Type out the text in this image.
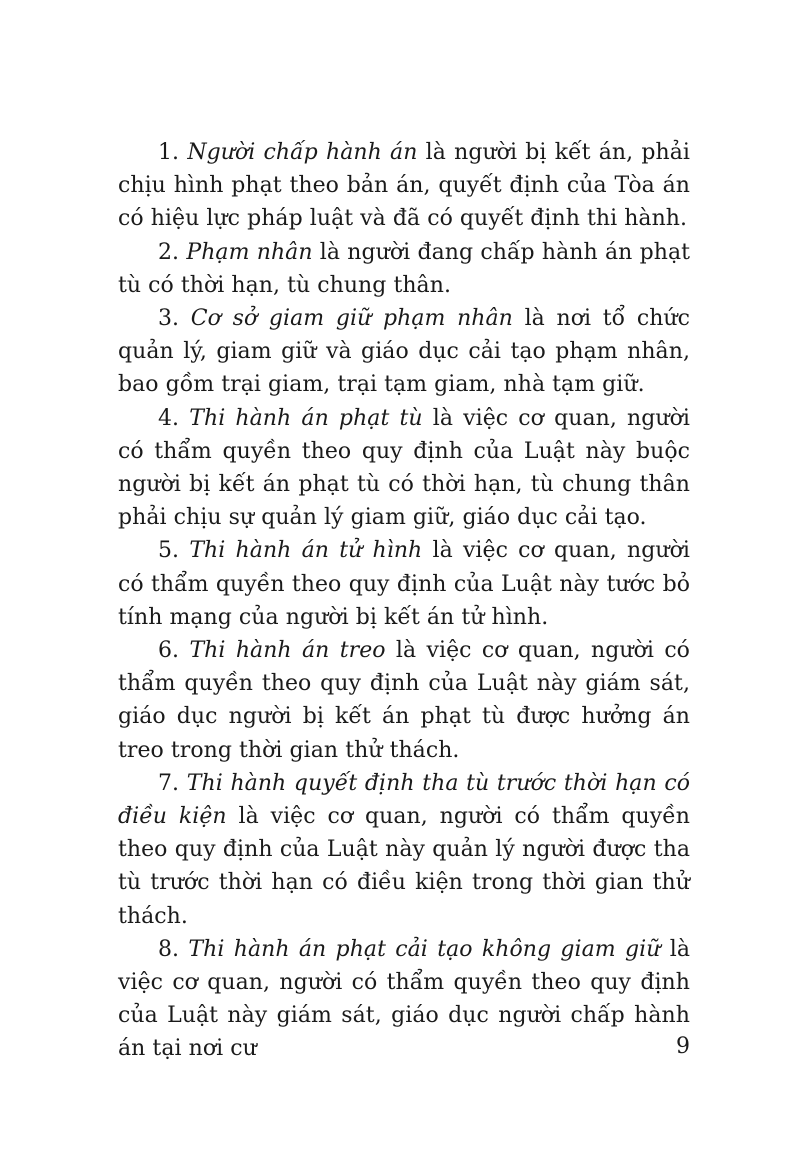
1. Người chấp hành án là người bị kết án, phải chịu hình phạt theo bản án, quyết định của Tòa án có hiệu lực pháp luật và đã có quyết định thi hành.

2. Phạm nhân là người đang chấp hành án phạt tù có thời hạn, tù chung thân.

3. Cơ sở giam giữ phạm nhân là nơi tổ chức quản lý, giam giữ và giáo dục cải tạo phạm nhân, bao gồm trại giam, trại tạm giam, nhà tạm giữ.

4. Thi hành án phạt tù là việc cơ quan, người có thẩm quyền theo quy định của Luật này buộc người bị kết án phạt tù có thời hạn, tù chung thân phải chịu sự quản lý giam giữ, giáo dục cải tạo.

5. Thi hành án tử hình là việc cơ quan, người có thẩm quyền theo quy định của Luật này tước bỏ tính mạng của người bị kết án tử hình.

6. Thi hành án treo là việc cơ quan, người có thẩm quyền theo quy định của Luật này giám sát, giáo dục người bị kết án phạt tù được hưởng án treo trong thời gian thử thách.

7. Thi hành quyết định tha tù trước thời hạn có điều kiện là việc cơ quan, người có thẩm quyền theo quy định của Luật này quản lý người được tha tù trước thời hạn có điều kiện trong thời gian thử thách.

8. Thi hành án phạt cải tạo không giam giữ là việc cơ quan, người có thẩm quyền theo quy định của Luật này giám sát, giáo dục người chấp hành án tại nơi cư	9
